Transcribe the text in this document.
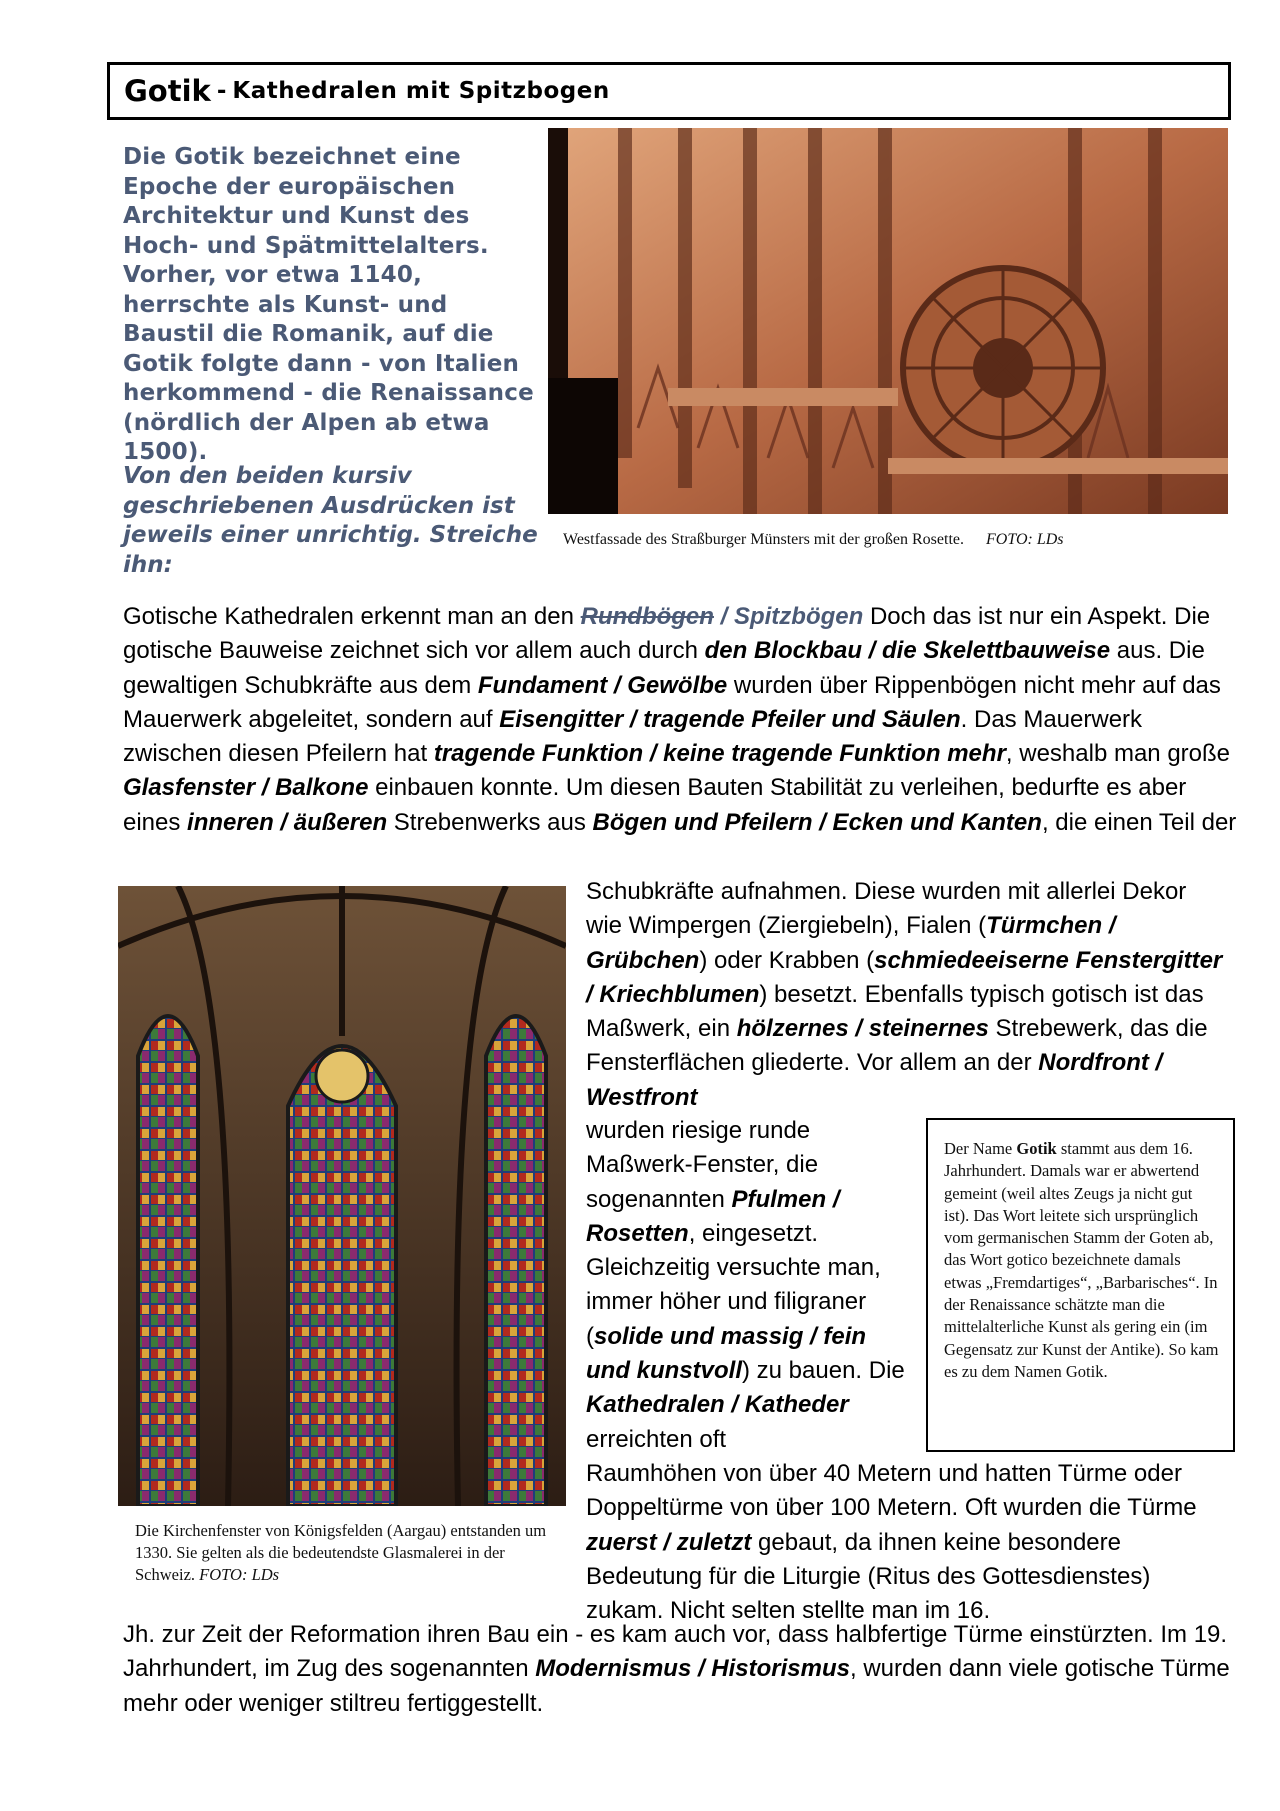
Gotik - Kathedralen mit Spitzbogen
Die Gotik bezeichnet eine Epoche der europäischen Architektur und Kunst des Hoch- und Spätmittelalters. Vorher, vor etwa 1140, herrschte als Kunst- und Baustil die Romanik, auf die Gotik folgte dann - von Italien herkommend - die Renaissance (nördlich der Alpen ab etwa 1500).
Von den beiden kursiv geschriebenen Ausdrücken ist jeweils einer unrichtig. Streiche ihn:
Westfassade des Straßburger Münsters mit der großen Rosette. FOTO: LDs
Gotische Kathedralen erkennt man an den Rundbögen / Spitzbögen Doch das ist nur ein Aspekt. Die gotische Bauweise zeichnet sich vor allem auch durch den Blockbau / die Skelettbauweise aus. Die gewaltigen Schubkräfte aus dem Fundament / Gewölbe wurden über Rippenbögen nicht mehr auf das Mauerwerk abgeleitet, sondern auf Eisengitter / tragende Pfeiler und Säulen. Das Mauerwerk zwischen diesen Pfeilern hat tragende Funktion / keine tragende Funktion mehr, weshalb man große Glasfenster / Balkone einbauen konnte. Um diesen Bauten Stabilität zu verleihen, bedurfte es aber eines inneren / äußeren Strebenwerks aus Bögen und Pfeilern / Ecken und Kanten, die einen Teil der
Die Kirchenfenster von Königsfelden (Aargau) entstanden um 1330. Sie gelten als die bedeutendste Glasmalerei in der Schweiz. FOTO: LDs
Schubkräfte aufnahmen. Diese wurden mit allerlei Dekor wie Wimpergen (Ziergiebeln), Fialen (Türmchen / Grübchen) oder Krabben (schmiedeeiserne Fenstergitter / Kriechblumen) besetzt. Ebenfalls typisch gotisch ist das Maßwerk, ein hölzernes / steinernes Strebewerk, das die Fensterflächen gliederte. Vor allem an der Nordfront / Westfront
wurden riesige runde Maßwerk-Fenster, die sogenannten Pfulmen / Rosetten, eingesetzt. Gleichzeitig versuchte man, immer höher und filigraner (solide und massig / fein und kunstvoll) zu bauen. Die Kathedralen / Katheder erreichten oft
Der Name Gotik stammt aus dem 16. Jahrhundert. Damals war er abwertend gemeint (weil altes Zeugs ja nicht gut ist). Das Wort leitete sich ursprünglich vom germanischen Stamm der Goten ab, das Wort gotico bezeichnete damals etwas „Fremdartiges“, „Barbarisches“. In der Renaissance schätzte man die mittelalterliche Kunst als gering ein (im Gegensatz zur Kunst der Antike). So kam es zu dem Namen Gotik.
Raumhöhen von über 40 Metern und hatten Türme oder Doppeltürme von über 100 Metern. Oft wurden die Türme zuerst / zuletzt gebaut, da ihnen keine besondere Bedeutung für die Liturgie (Ritus des Gottesdienstes) zukam. Nicht selten stellte man im 16.
Jh. zur Zeit der Reformation ihren Bau ein - es kam auch vor, dass halbfertige Türme einstürzten. Im 19. Jahrhundert, im Zug des sogenannten Modernismus / Historismus, wurden dann viele gotische Türme mehr oder weniger stiltreu fertiggestellt.
